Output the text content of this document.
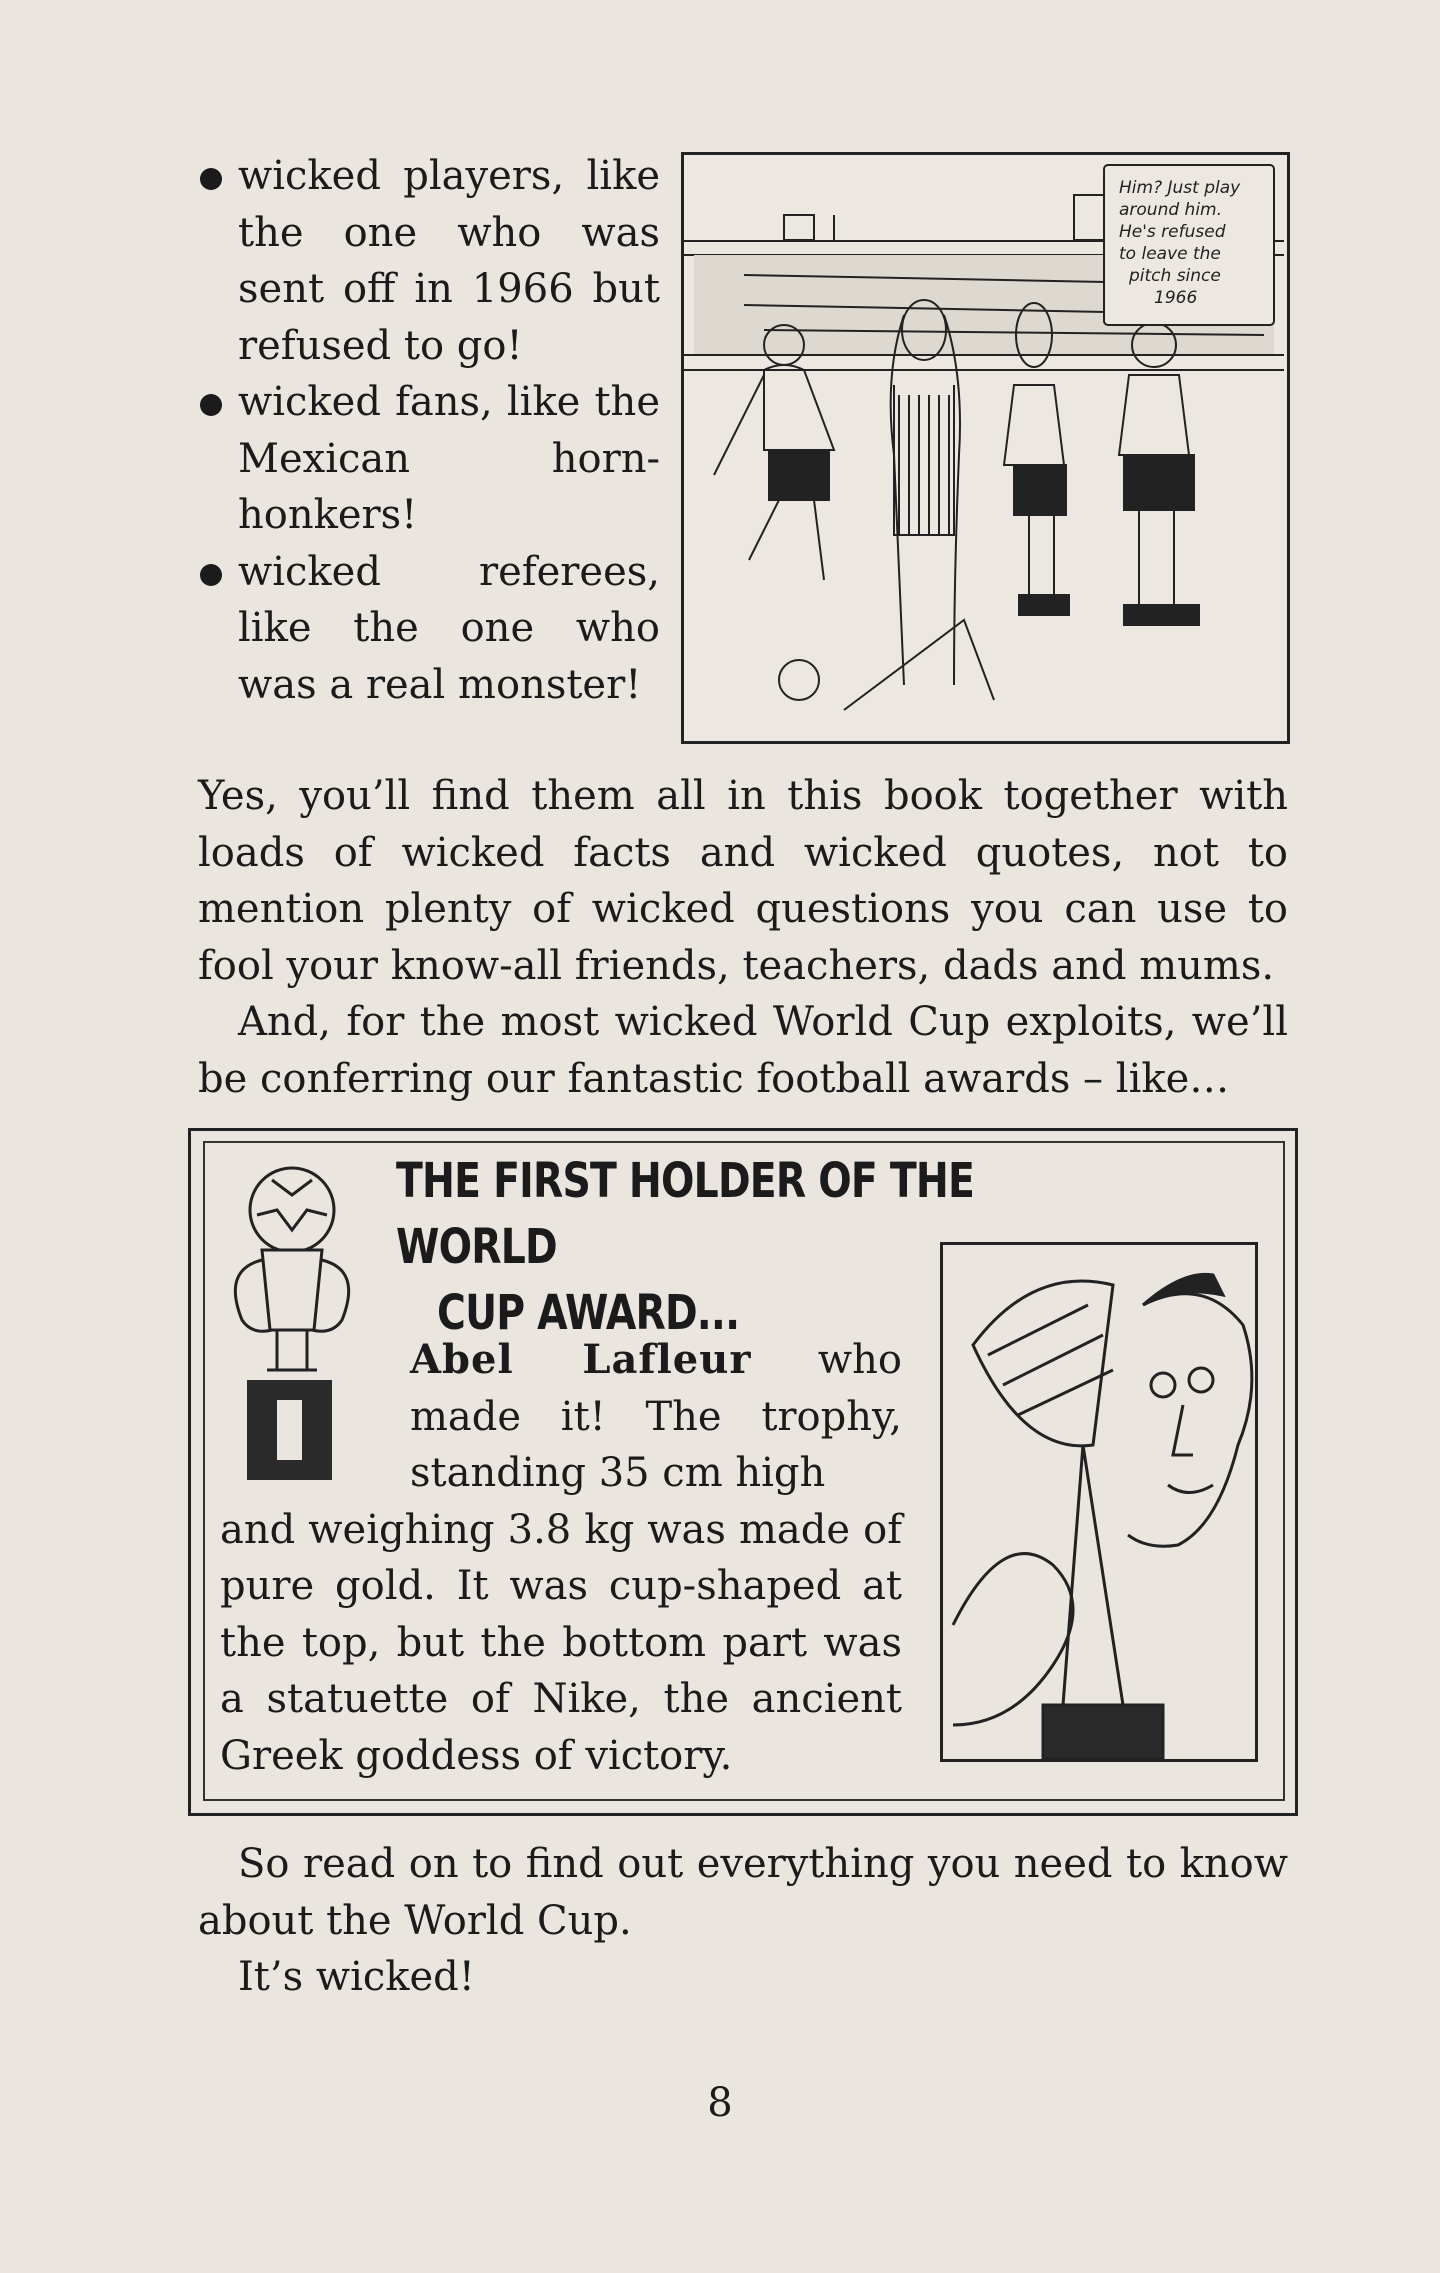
wicked players, like the one who was sent off in 1966 but refused to go!
wicked fans, like the Mexican horn-honkers!
wicked referees, like the one who was a real monster!
Him? Just play
around him.
He's refused
to leave the
pitch since
1966
Yes, you’ll find them all in this book together with loads of wicked facts and wicked quotes, not to mention plenty of wicked questions you can use to fool your know-all friends, teachers, dads and mums.
And, for the most wicked World Cup exploits, we’ll be conferring our fantastic football awards – like…
THE FIRST HOLDER OF THE WORLD
CUP AWARD...
Abel Lafleur who made it! The trophy, standing 35 cm high
and weighing 3.8 kg was made of pure gold. It was cup-shaped at the top, but the bottom part was a statuette of Nike, the ancient Greek goddess of victory.
So read on to find out everything you need to know about the World Cup.
It’s wicked!
8
